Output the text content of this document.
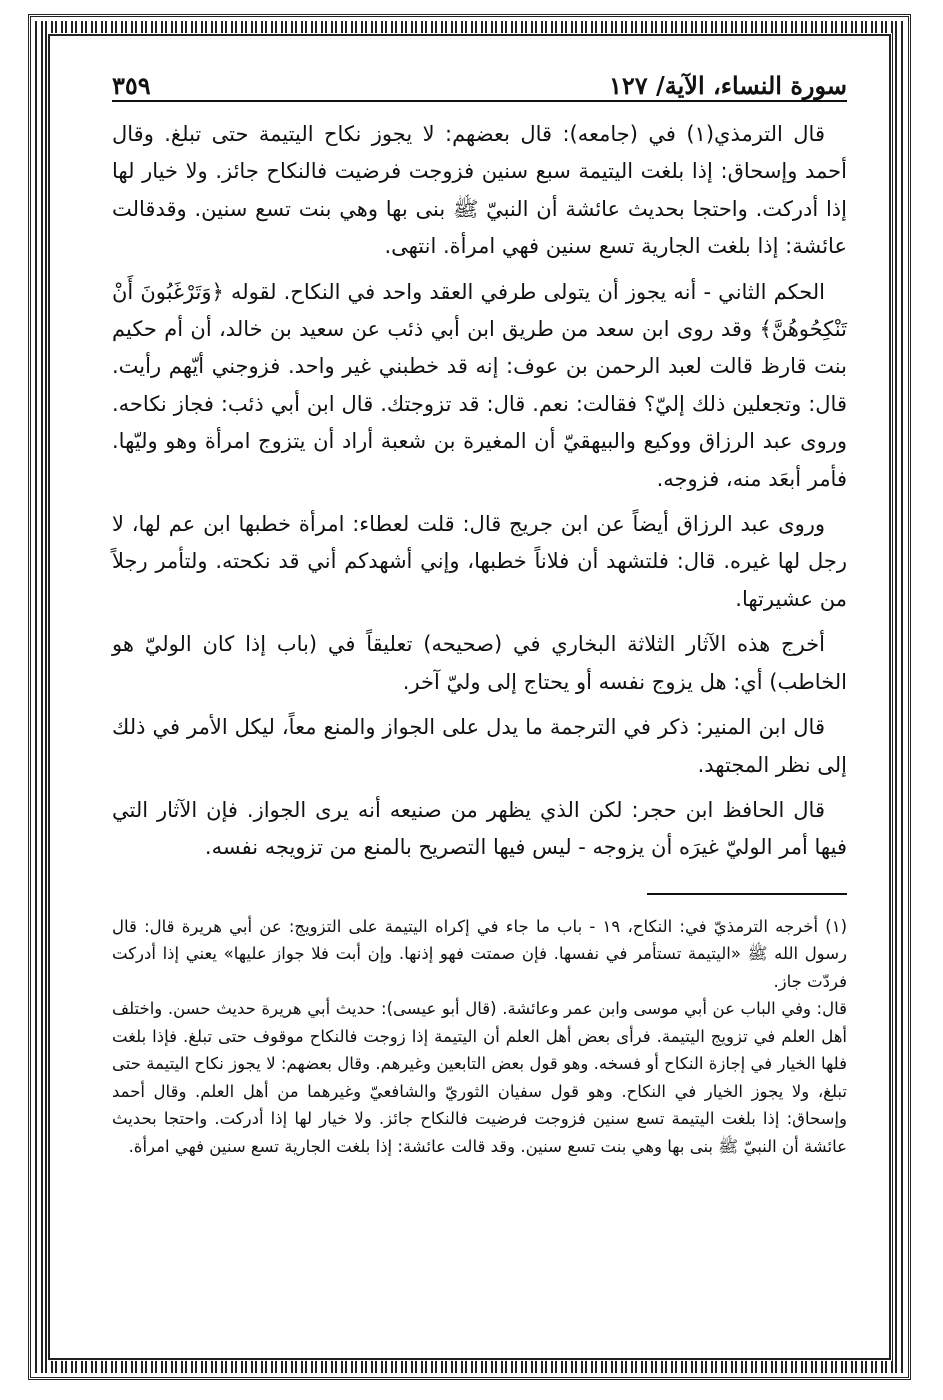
سورة النساء، الآية/ ١٢٧
٣٥٩

قال الترمذي(١) في (جامعه): قال بعضهم: لا يجوز نكاح اليتيمة حتى تبلغ. وقال أحمد وإسحاق: إذا بلغت اليتيمة سبع سنين فزوجت فرضيت فالنكاح جائز. ولا خيار لها إذا أدركت. واحتجا بحديث عائشة أن النبيّ ﷺ بنى بها وهي بنت تسع سنين. وقدقالت عائشة: إذا بلغت الجارية تسع سنين فهي امرأة. انتهى.

الحكم الثاني - أنه يجوز أن يتولى طرفي العقد واحد في النكاح. لقوله ﴿وَتَرْغَبُونَ أَنْ تَنْكِحُوهُنَّ﴾ وقد روى ابن سعد من طريق ابن أبي ذئب عن سعيد بن خالد، أن أم حكيم بنت قارظ قالت لعبد الرحمن بن عوف: إنه قد خطبني غير واحد. فزوجني أيّهم رأيت. قال: وتجعلين ذلك إليّ؟ فقالت: نعم. قال: قد تزوجتك. قال ابن أبي ذئب: فجاز نكاحه. وروى عبد الرزاق ووكيع والبيهقيّ أن المغيرة بن شعبة أراد أن يتزوج امرأة وهو وليّها. فأمر أبعَد منه، فزوجه.

وروى عبد الرزاق أيضاً عن ابن جريج قال: قلت لعطاء: امرأة خطبها ابن عم لها، لا رجل لها غيره. قال: فلتشهد أن فلاناً خطبها، وإني أشهدكم أني قد نكحته. ولتأمر رجلاً من عشيرتها.

أخرج هذه الآثار الثلاثة البخاري في (صحيحه) تعليقاً في (باب إذا كان الوليّ هو الخاطب) أي: هل يزوج نفسه أو يحتاج إلى وليّ آخر.

قال ابن المنير: ذكر في الترجمة ما يدل على الجواز والمنع معاً، ليكل الأمر في ذلك إلى نظر المجتهد.

قال الحافظ ابن حجر: لكن الذي يظهر من صنيعه أنه يرى الجواز. فإن الآثار التي فيها أمر الوليّ غيرَه أن يزوجه - ليس فيها التصريح بالمنع من تزويجه نفسه.

(١) أخرجه الترمذيّ في: النكاح، ١٩ - باب ما جاء في إكراه اليتيمة على التزويج: عن أبي هريرة قال: قال رسول الله ﷺ «اليتيمة تستأمر في نفسها. فإن صمتت فهو إذنها. وإن أبت فلا جواز عليها» يعني إذا أدركت فردّت جاز.

قال: وفي الباب عن أبي موسى وابن عمر وعائشة. (قال أبو عيسى): حديث أبي هريرة حديث حسن. واختلف أهل العلم في تزويج اليتيمة. فرأى بعض أهل العلم أن اليتيمة إذا زوجت فالنكاح موقوف حتى تبلغ. فإذا بلغت فلها الخيار في إجازة النكاح أو فسخه. وهو قول بعض التابعين وغيرهم. وقال بعضهم: لا يجوز نكاح اليتيمة حتى تبلغ، ولا يجوز الخيار في النكاح. وهو قول سفيان الثوريّ والشافعيّ وغيرهما من أهل العلم. وقال أحمد وإسحاق: إذا بلغت اليتيمة تسع سنين فزوجت فرضيت فالنكاح جائز. ولا خيار لها إذا أدركت. واحتجا بحديث عائشة أن النبيّ ﷺ بنى بها وهي بنت تسع سنين. وقد قالت عائشة: إذا بلغت الجارية تسع سنين فهي امرأة.
